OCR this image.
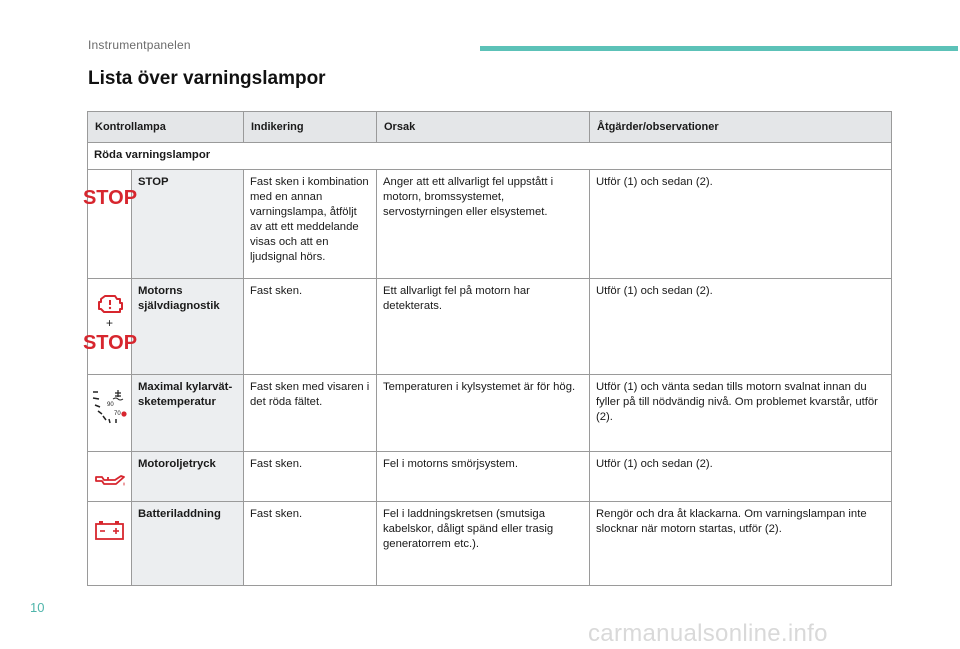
Instrumentpanelen
Lista över varningslampor
Kontrollampa		Indikering	Orsak	Åtgärder/observationer
Röda varningslampor				

STOP	STOP	Fast sken i kombination med en annan varningslampa, åtföljt av att ett meddelande visas och att en ljudsignal hörs.	Anger att ett allvarligt fel uppstått i motorn, bromssystemet, servostyrningen eller elsystemet.	Utför (1) och sedan (2).

+
STOP	Motorns självdiagnostik	Fast sken.	Ett allvarligt fel på motorn har detekterats.	Utför (1) och sedan (2).

90
70	Maximal kylarvätsketemperatur	Fast sken med visaren i det röda fältet.	Temperaturen i kylsystemet är för hög.	Utför (1) och vänta sedan tills motorn svalnat innan du fyller på till nödvändig nivå. Om problemet kvarstår, utför (2).

	Motoroljetryck	Fast sken.	Fel i motorns smörjsystem.	Utför (1) och sedan (2).

	Batteriladdning	Fast sken.	Fel i laddningskretsen (smutsiga kabelskor, dåligt spänd eller trasig generatorrem etc.).	Rengör och dra åt klackarna. Om varningslampan inte slocknar när motorn startas, utför (2).
10
carmanualsonline.info
